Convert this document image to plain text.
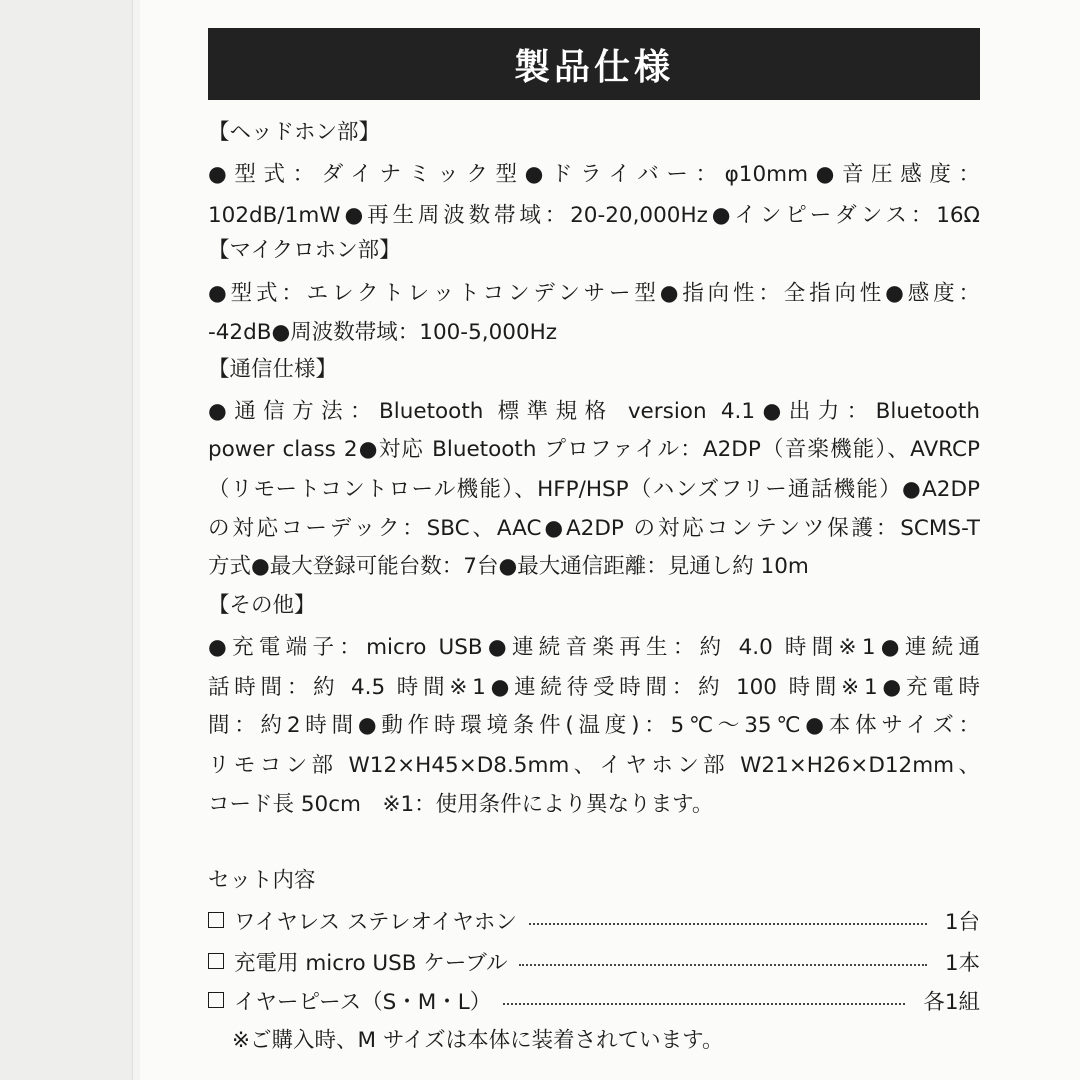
製品仕様
【ヘッドホン部】
●型式：ダイナミック型●ドライバー：φ10mm●音圧感度：
102dB/1mW●再生周波数帯域：20-20,000Hz●インピーダンス：16Ω
【マイクロホン部】
●型式：エレクトレットコンデンサー型●指向性：全指向性●感度：
-42dB●周波数帯域：100-5,000Hz
【通信仕様】
●通信方法：Bluetooth 標準規格 version 4.1●出力：Bluetooth
power class 2●対応 Bluetooth プロファイル：A2DP（音楽機能）、AVRCP
（リモートコントロール機能）、HFP/HSP（ハンズフリー通話機能）●A2DP
の対応コーデック：SBC、AAC●A2DP の対応コンテンツ保護：SCMS-T
方式●最大登録可能台数：7台●最大通信距離：見通し約 10m
【その他】
●充電端子：micro USB●連続音楽再生：約 4.0 時間※1●連続通
話時間：約 4.5 時間※1●連続待受時間：約 100 時間※1●充電時
間：約2時間●動作時環境条件(温度)：5℃～35℃●本体サイズ：
リモコン部 W12×H45×D8.5mm、イヤホン部 W21×H26×D12mm、
コード長 50cm　※1：使用条件により異なります。
セット内容
ワイヤレス ステレオイヤホン	1台
充電用 micro USB ケーブル	1本
イヤーピース（S・M・L）	各1組
※ご購入時、M サイズは本体に装着されています。
